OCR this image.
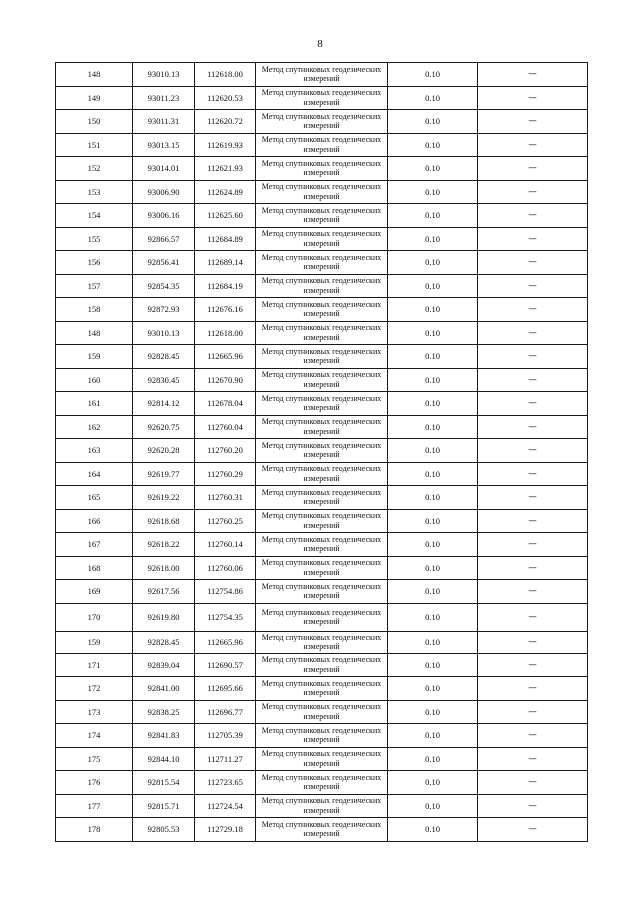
8
148	93010.13	112618.00	Метод спутниковых геодезических измерений	0.10	—
149	93011.23	112620.53	Метод спутниковых геодезических измерений	0.10	—
150	93011.31	112620.72	Метод спутниковых геодезических измерений	0.10	—
151	93013.15	112619.93	Метод спутниковых геодезических измерений	0.10	—
152	93014.01	112621.93	Метод спутниковых геодезических измерений	0.10	—
153	93006.90	112624.89	Метод спутниковых геодезических измерений	0.10	—
154	93006.16	112625.60	Метод спутниковых геодезических измерений	0.10	—
155	92866.57	112684.89	Метод спутниковых геодезических измерений	0.10	—
156	92856.41	112689.14	Метод спутниковых геодезических измерений	0.10	—
157	92854.35	112684.19	Метод спутниковых геодезических измерений	0.10	—
158	92872.93	112676.16	Метод спутниковых геодезических измерений	0.10	—
148	93010.13	112618.00	Метод спутниковых геодезических измерений	0.10	—
159	92828.45	112665.96	Метод спутниковых геодезических измерений	0.10	—
160	92830.45	112670.90	Метод спутниковых геодезических измерений	0.10	—
161	92814.12	112678.04	Метод спутниковых геодезических измерений	0.10	—
162	92620.75	112760.04	Метод спутниковых геодезических измерений	0.10	—
163	92620.28	112760.20	Метод спутниковых геодезических измерений	0.10	—
164	92619.77	112760.29	Метод спутниковых геодезических измерений	0.10	—
165	92619.22	112760.31	Метод спутниковых геодезических измерений	0.10	—
166	92618.68	112760.25	Метод спутниковых геодезических измерений	0.10	—
167	92618.22	112760.14	Метод спутниковых геодезических измерений	0.10	—
168	92618.00	112760.06	Метод спутниковых геодезических измерений	0.10	—
169	92617.56	112754.86	Метод спутниковых геодезических измерений	0.10	—
170	92619.80	112754.35	Метод спутниковых геодезических измерений	0.10	—
159	92828.45	112665.96	Метод спутниковых геодезических измерений	0.10	—
171	92839.04	112690.57	Метод спутниковых геодезических измерений	0.10	—
172	92841.00	112695.66	Метод спутниковых геодезических измерений	0.10	—
173	92838.25	112696.77	Метод спутниковых геодезических измерений	0.10	—
174	92841.83	112705.39	Метод спутниковых геодезических измерений	0.10	—
175	92844.10	112711.27	Метод спутниковых геодезических измерений	0.10	—
176	92815.54	112723.65	Метод спутниковых геодезических измерений	0.10	—
177	92815.71	112724.54	Метод спутниковых геодезических измерений	0.10	—
178	92805.53	112729.18	Метод спутниковых геодезических измерений	0.10	—
